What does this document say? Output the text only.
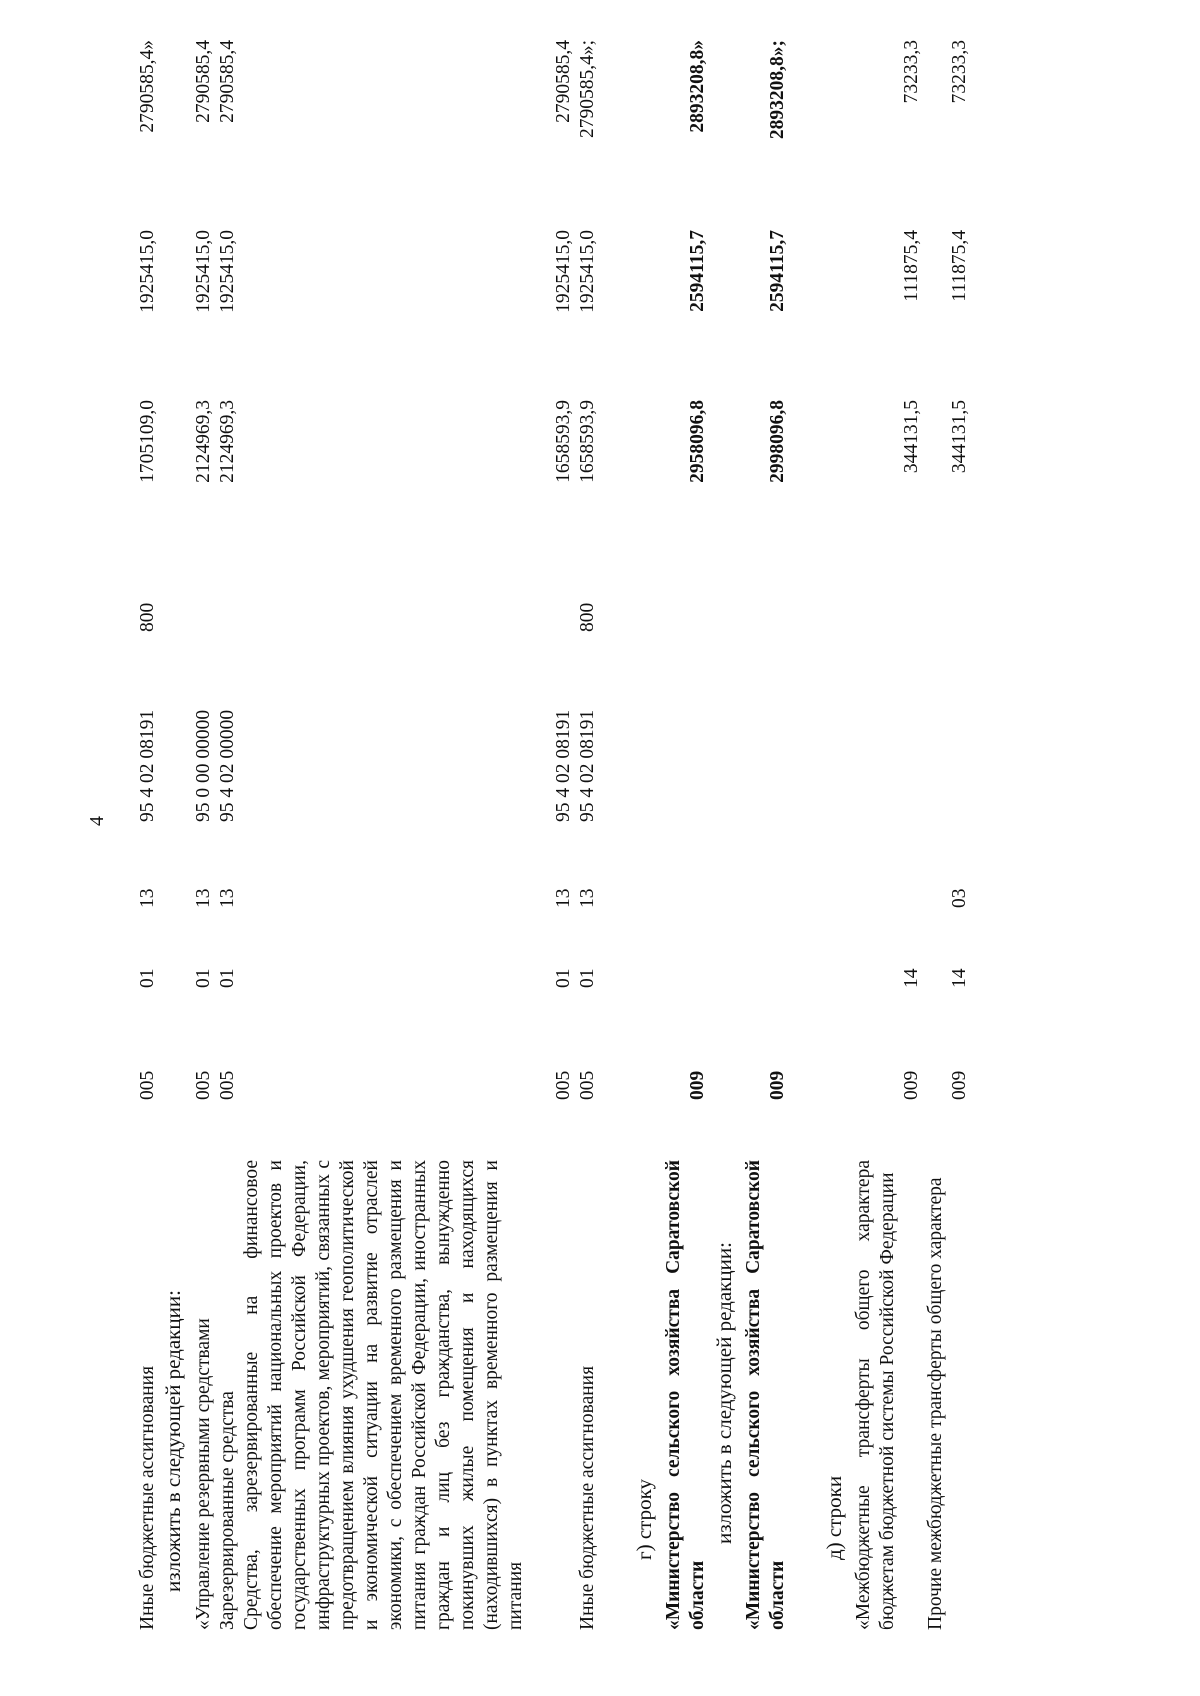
4
Иные бюджетные ассигнования
005
01
13
95 4 02 08191
800
1705109,0
1925415,0
2790585,4»
изложить в следующей редакции: «Управление резервными средствами
005
01
13
95 0 00 00000
2124969,3
1925415,0
2790585,4
Зарезервированные средства
005
01
13
95 4 02 00000
2124969,3
1925415,0
2790585,4
Средства, зарезервированные на финансовое обеспечение мероприятий национальных проектов и государственных программ Российской Федерации, инфраструктурных проектов, мероприятий, связанных с предотвращением влияния ухудшения геополитической и экономической ситуации на развитие отраслей экономики, с обеспечением временного размещения и питания граждан Российской Федерации, иностранных граждан и лиц без гражданства, вынужденно покинувших жилые помещения и находящихся (находившихся) в пунктах временного размещения и питания
005
01
13
95 4 02 08191
1658593,9
1925415,0
2790585,4
Иные бюджетные ассигнования
005
01
13
95 4 02 08191
800
1658593,9
1925415,0
2790585,4»;
г) строку «Министерство сельского хозяйства Саратовской области
009
2958096,8
2594115,7
2893208,8»
изложить в следующей редакции: «Министерство сельского хозяйства Саратовской области
009
2998096,8
2594115,7
2893208,8»;
д) строки «Межбюджетные трансферты общего характера бюджетам бюджетной системы Российской Федерации
009
14
344131,5
111875,4
73233,3
Прочие межбюджетные трансферты общего характера
009
14
03
344131,5
111875,4
73233,3
